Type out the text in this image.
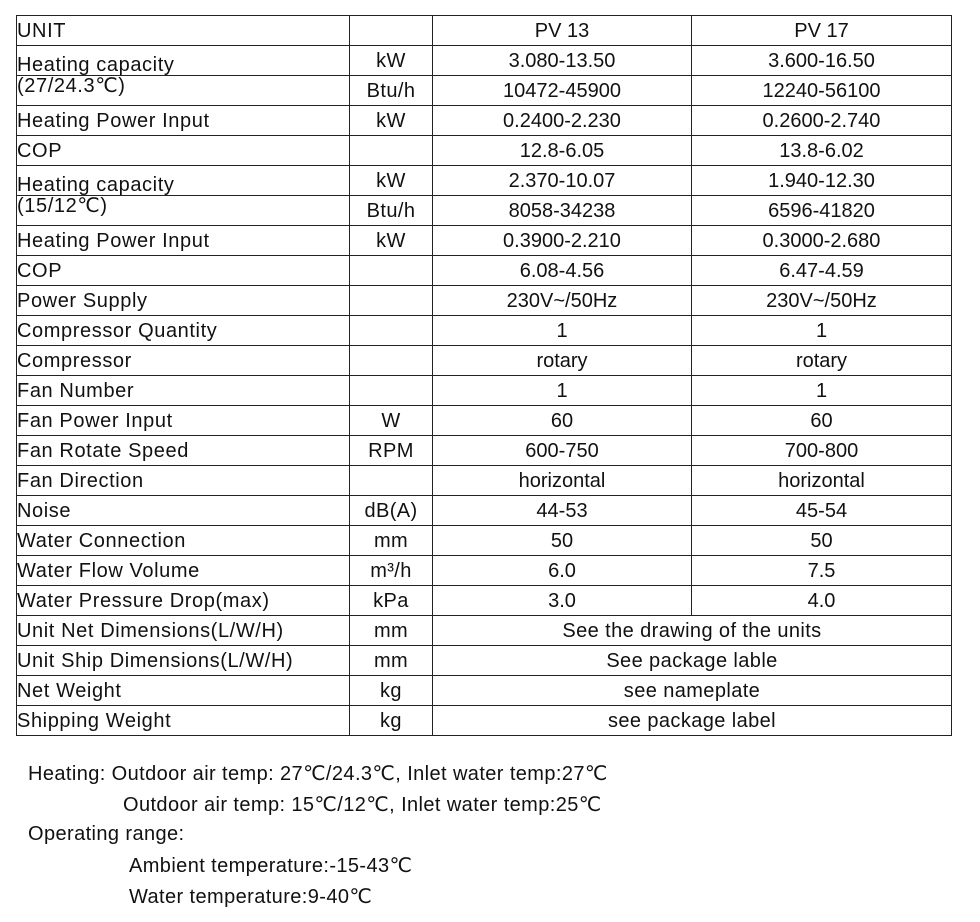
UNIT		PV 13	PV 17
Heating capacity	kW	3.080-13.50	3.600-16.50
(27/24.3℃)	Btu/h	10472-45900	12240-56100
Heating Power Input	kW	0.2400-2.230	0.2600-2.740
COP		12.8-6.05	13.8-6.02
Heating capacity	kW	2.370-10.07	1.940-12.30
(15/12℃)	Btu/h	8058-34238	6596-41820
Heating Power Input	kW	0.3900-2.210	0.3000-2.680
COP		6.08-4.56	6.47-4.59
Power Supply		230V~/50Hz	230V~/50Hz
Compressor Quantity		1	1
Compressor		rotary	rotary
Fan Number		1	1
Fan Power Input	W	60	60
Fan Rotate Speed	RPM	600-750	700-800
Fan Direction		horizontal	horizontal
Noise	dB(A)	44-53	45-54
Water Connection	mm	50	50
Water Flow Volume	m³/h	6.0	7.5
Water Pressure Drop(max)	kPa	3.0	4.0
Unit Net Dimensions(L/W/H)	mm	See the drawing of the units	
Unit Ship Dimensions(L/W/H)	mm	See package lable	
Net Weight	kg	see nameplate	
Shipping Weight	kg	see package label	
Heating: Outdoor air temp: 27℃/24.3℃, Inlet water temp:27℃
Outdoor air temp: 15℃/12℃, Inlet water temp:25℃
Operating range:
Ambient temperature:-15-43℃
Water temperature:9-40℃
